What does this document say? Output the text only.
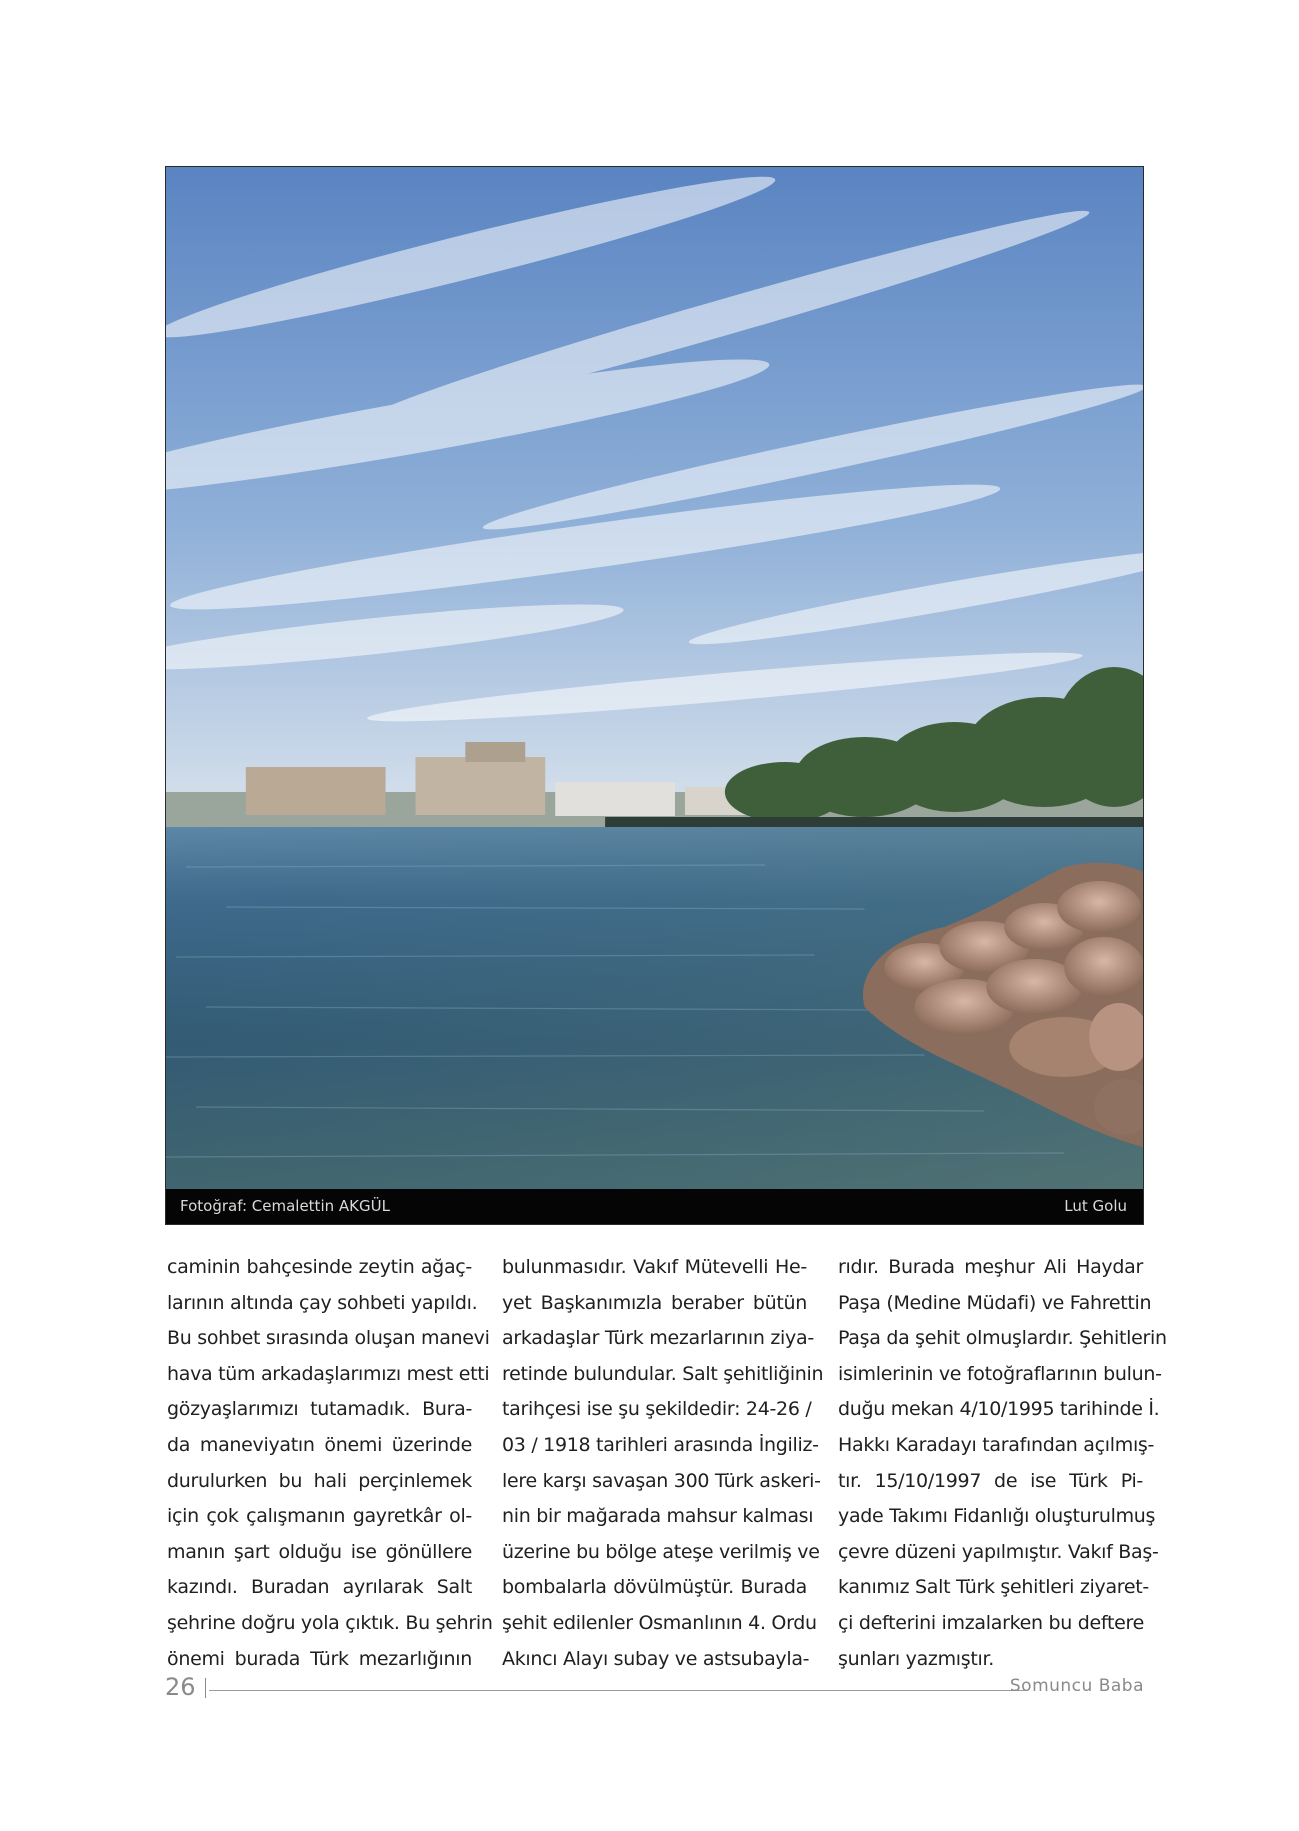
Fotoğraf: Cemalettin AKGÜL	Lut Golu
caminin bahçesinde zeytin ağaç-
larının altında çay sohbeti yapıldı.
Bu sohbet sırasında oluşan manevi
hava tüm arkadaşlarımızı mest etti
gözyaşlarımızı tutamadık. Bura-
da maneviyatın önemi üzerinde
durulurken bu hali perçinlemek
için çok çalışmanın gayretkâr ol-
manın şart olduğu ise gönüllere
kazındı. Buradan ayrılarak Salt
şehrine doğru yola çıktık. Bu şehrin
önemi burada Türk mezarlığının
bulunmasıdır. Vakıf Mütevelli He-
yet Başkanımızla beraber bütün
arkadaşlar Türk mezarlarının ziya-
retinde bulundular. Salt şehitliğinin
tarihçesi ise şu şekildedir: 24-26 /
03 / 1918 tarihleri arasında İngiliz-
lere karşı savaşan 300 Türk askeri-
nin bir mağarada mahsur kalması
üzerine bu bölge ateşe verilmiş ve
bombalarla dövülmüştür. Burada
şehit edilenler Osmanlının 4. Ordu
Akıncı Alayı subay ve astsubayla-
rıdır. Burada meşhur Ali Haydar
Paşa (Medine Müdafi) ve Fahrettin
Paşa da şehit olmuşlardır. Şehitlerin
isimlerinin ve fotoğraflarının bulun-
duğu mekan 4/10/1995 tarihinde İ.
Hakkı Karadayı tarafından açılmış-
tır. 15/10/1997 de ise Türk Pi-
yade Takımı Fidanlığı oluşturulmuş
çevre düzeni yapılmıştır. Vakıf Baş-
kanımız Salt Türk şehitleri ziyaret-
çi defterini imzalarken bu deftere
şunları yazmıştır.
26	Somuncu Baba
